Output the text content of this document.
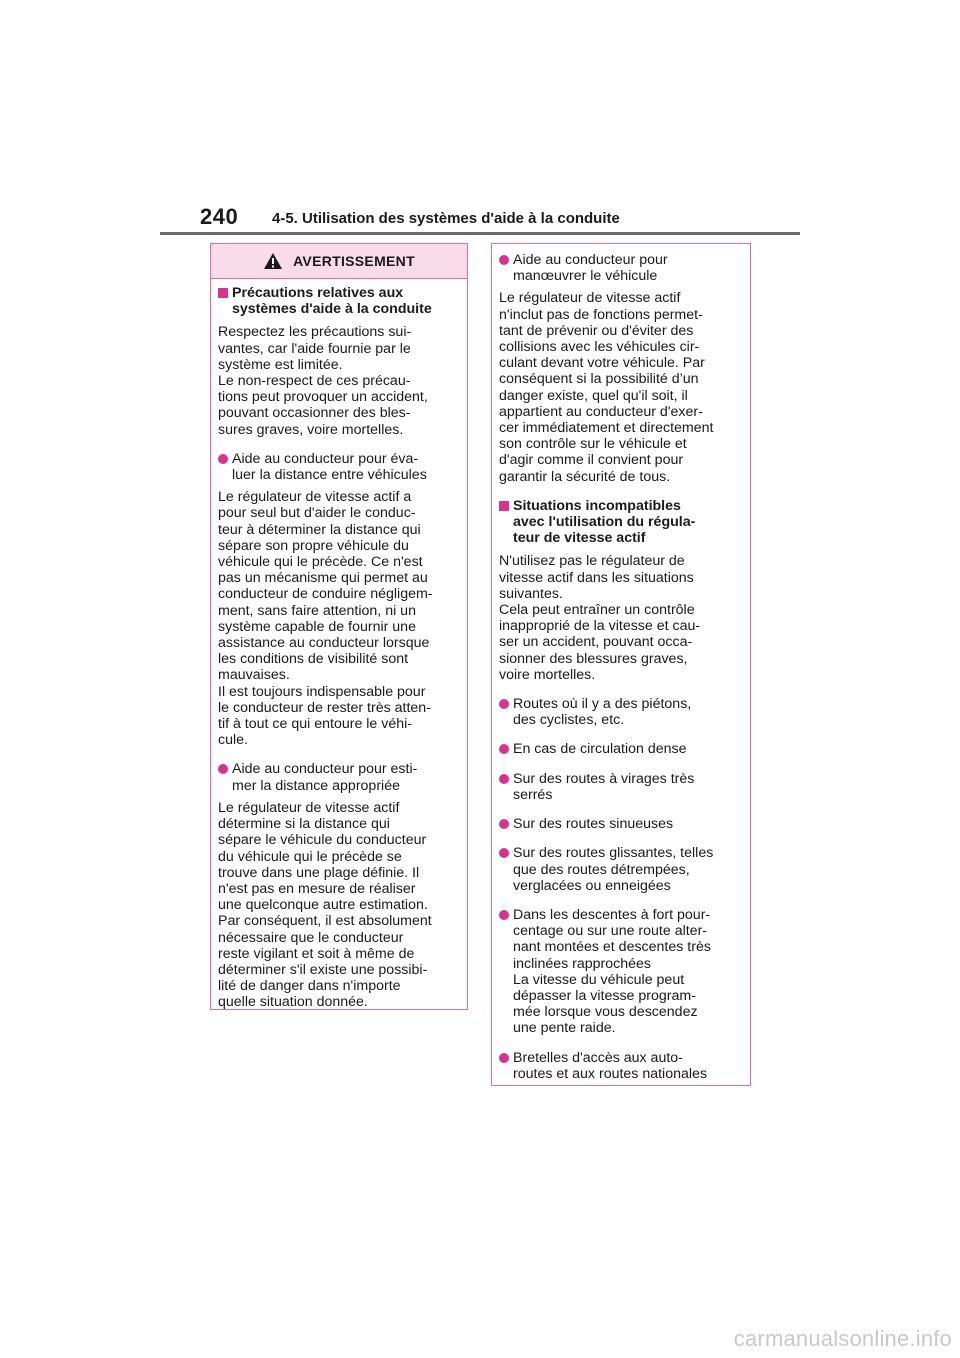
240 4-5. Utilisation des systèmes d'aide à la conduite
AVERTISSEMENT
Précautions relatives aux
systèmes d'aide à la conduite
Respectez les précautions sui-
vantes, car l'aide fournie par le
système est limitée.
Le non-respect de ces précau-
tions peut provoquer un accident,
pouvant occasionner des bles-
sures graves, voire mortelles.
Aide au conducteur pour éva-
luer la distance entre véhicules
Le régulateur de vitesse actif a
pour seul but d'aider le conduc-
teur à déterminer la distance qui
sépare son propre véhicule du
véhicule qui le précède. Ce n'est
pas un mécanisme qui permet au
conducteur de conduire négligem-
ment, sans faire attention, ni un
système capable de fournir une
assistance au conducteur lorsque
les conditions de visibilité sont
mauvaises.
Il est toujours indispensable pour
le conducteur de rester très atten-
tif à tout ce qui entoure le véhi-
cule.
Aide au conducteur pour esti-
mer la distance appropriée
Le régulateur de vitesse actif
détermine si la distance qui
sépare le véhicule du conducteur
du véhicule qui le précède se
trouve dans une plage définie. Il
n'est pas en mesure de réaliser
une quelconque autre estimation.
Par conséquent, il est absolument
nécessaire que le conducteur
reste vigilant et soit à même de
déterminer s'il existe une possibi-
lité de danger dans n'importe
quelle situation donnée.
Aide au conducteur pour
manœuvrer le véhicule
Le régulateur de vitesse actif
n'inclut pas de fonctions permet-
tant de prévenir ou d'éviter des
collisions avec les véhicules cir-
culant devant votre véhicule. Par
conséquent si la possibilité d’un
danger existe, quel qu'il soit, il
appartient au conducteur d'exer-
cer immédiatement et directement
son contrôle sur le véhicule et
d'agir comme il convient pour
garantir la sécurité de tous.
Situations incompatibles
avec l'utilisation du régula-
teur de vitesse actif
N'utilisez pas le régulateur de
vitesse actif dans les situations
suivantes.
Cela peut entraîner un contrôle
inapproprié de la vitesse et cau-
ser un accident, pouvant occa-
sionner des blessures graves,
voire mortelles.
Routes où il y a des piétons,
des cyclistes, etc.
En cas de circulation dense
Sur des routes à virages très
serrés
Sur des routes sinueuses
Sur des routes glissantes, telles
que des routes détrempées,
verglacées ou enneigées
Dans les descentes à fort pour-
centage ou sur une route alter-
nant montées et descentes très
inclinées rapprochées
La vitesse du véhicule peut
dépasser la vitesse program-
mée lorsque vous descendez
une pente raide.
Bretelles d'accès aux auto-
routes et aux routes nationales
carmanualsonline.info
